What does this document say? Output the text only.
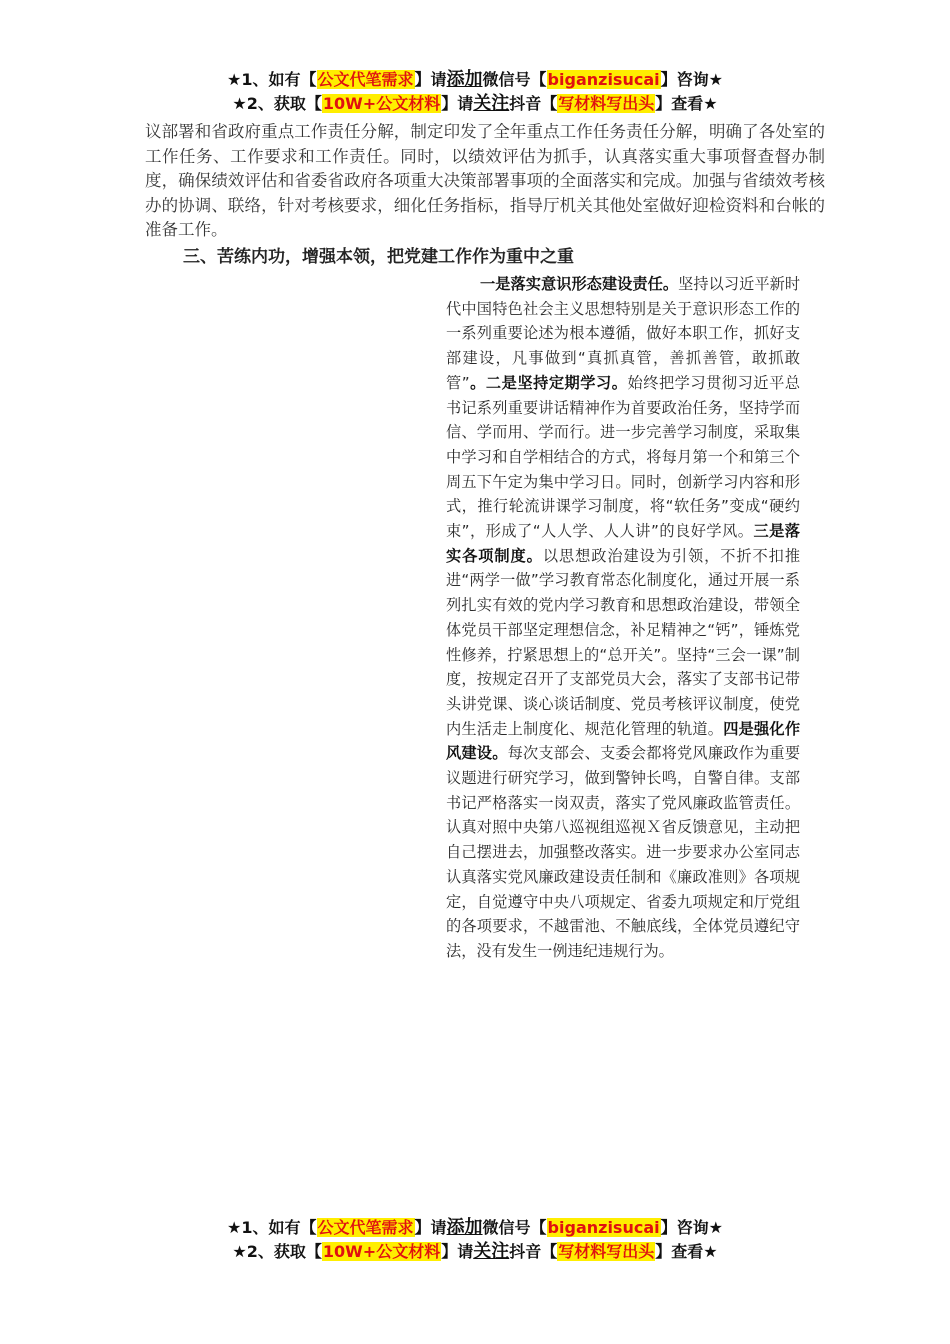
★1、如有【公文代笔需求】请添加微信号【biganzisucai】咨询★
★2、获取【10W+公文材料】请关注抖音【写材料写出头】查看★
议部署和省政府重点工作责任分解，制定印发了全年重点工作任务责任分解，明确了各处室的工作任务、工作要求和工作责任。同时，以绩效评估为抓手，认真落实重大事项督查督办制度，确保绩效评估和省委省政府各项重大决策部署事项的全面落实和完成。加强与省绩效考核办的协调、联络，针对考核要求，细化任务指标，指导厅机关其他处室做好迎检资料和台帐的准备工作。
三、苦练内功，增强本领，把党建工作作为重中之重
一是落实意识形态建设责任。坚持以习近平新时代中国特色社会主义思想特别是关于意识形态工作的一系列重要论述为根本遵循，做好本职工作，抓好支部建设，凡事做到“真抓真管，善抓善管，敢抓敢管”。二是坚持定期学习。始终把学习贯彻习近平总书记系列重要讲话精神作为首要政治任务，坚持学而信、学而用、学而行。进一步完善学习制度，采取集中学习和自学相结合的方式，将每月第一个和第三个周五下午定为集中学习日。同时，创新学习内容和形式，推行轮流讲课学习制度，将“软任务”变成“硬约束”，形成了“人人学、人人讲”的良好学风。三是落实各项制度。以思想政治建设为引领，不折不扣推进“两学一做”学习教育常态化制度化，通过开展一系列扎实有效的党内学习教育和思想政治建设，带领全体党员干部坚定理想信念，补足精神之“钙”，锤炼党性修养，拧紧思想上的“总开关”。坚持“三会一课”制度，按规定召开了支部党员大会，落实了支部书记带头讲党课、谈心谈话制度、党员考核评议制度，使党内生活走上制度化、规范化管理的轨道。四是强化作风建设。每次支部会、支委会都将党风廉政作为重要议题进行研究学习，做到警钟长鸣，自警自律。支部书记严格落实一岗双责，落实了党风廉政监管责任。认真对照中央第八巡视组巡视Ｘ省反馈意见，主动把自己摆进去，加强整改落实。进一步要求办公室同志认真落实党风廉政建设责任制和《廉政准则》各项规定，自觉遵守中央八项规定、省委九项规定和厅党组的各项要求，不越雷池、不触底线，全体党员遵纪守法，没有发生一例违纪违规行为。
★1、如有【公文代笔需求】请添加微信号【biganzisucai】咨询★
★2、获取【10W+公文材料】请关注抖音【写材料写出头】查看★
